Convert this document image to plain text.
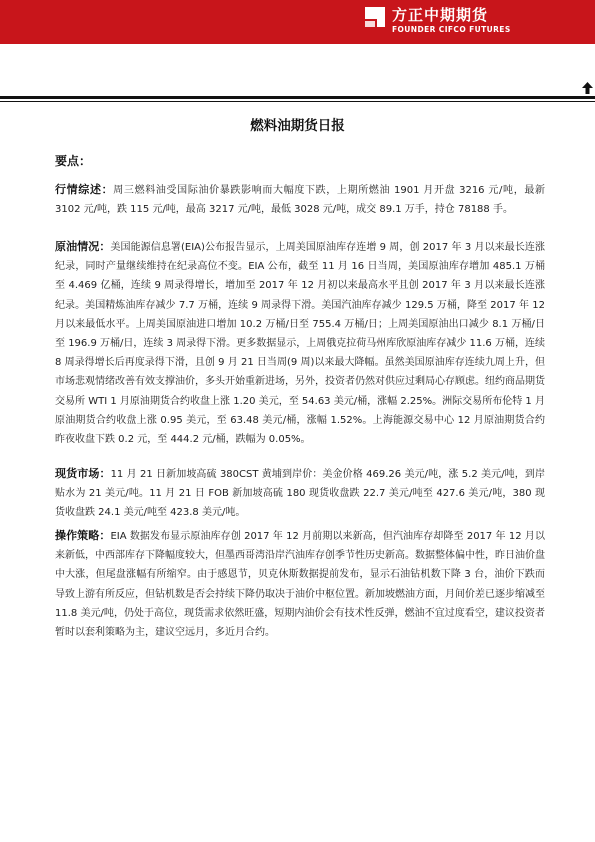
方正中期期货
FOUNDER CIFCO FUTURES
燃料油期货日报
要点：
行情综述：周三燃料油受国际油价暴跌影响而大幅度下跌，上期所燃油 1901 月开盘 3216 元/吨，最新 3102 元/吨，跌 115 元/吨，最高 3217 元/吨，最低 3028 元/吨，成交 89.1 万手，持仓 78188 手。
原油情况：美国能源信息署(EIA)公布报告显示，上周美国原油库存连增 9 周，创 2017 年 3 月以来最长连涨纪录，同时产量继续维持在纪录高位不变。EIA 公布，截至 11 月 16 日当周，美国原油库存增加 485.1 万桶至 4.469 亿桶，连续 9 周录得增长，增加至 2017 年 12 月初以来最高水平且创 2017 年 3 月以来最长连涨纪录。美国精炼油库存减少 7.7 万桶，连续 9 周录得下滑。美国汽油库存减少 129.5 万桶，降至 2017 年 12 月以来最低水平。上周美国原油进口增加 10.2 万桶/日至 755.4 万桶/日；上周美国原油出口减少 8.1 万桶/日至 196.9 万桶/日，连续 3 周录得下滑。更多数据显示，上周俄克拉荷马州库欣原油库存减少 11.6 万桶，连续 8 周录得增长后再度录得下滑，且创 9 月 21 日当周(9 周)以来最大降幅。虽然美国原油库存连续九周上升，但市场悲观情绪改善有效支撑油价，多头开始重新进场，另外，投资者仍然对供应过剩局心存顾虑。纽约商品期货交易所 WTI 1 月原油期货合约收盘上涨 1.20 美元，至 54.63 美元/桶，涨幅 2.25%。洲际交易所布伦特 1 月原油期货合约收盘上涨 0.95 美元，至 63.48 美元/桶，涨幅 1.52%。上海能源交易中心 12 月原油期货合约昨夜收盘下跌 0.2 元，至 444.2 元/桶，跌幅为 0.05%。
现货市场：11 月 21 日新加坡高硫 380CST 黄埔到岸价：美金价格 469.26 美元/吨，涨 5.2 美元/吨，到岸贴水为 21 美元/吨。11 月 21 日 FOB 新加坡高硫 180 现货收盘跌 22.7 美元/吨至 427.6 美元/吨，380 现货收盘跌 24.1 美元/吨至 423.8 美元/吨。
操作策略：EIA 数据发布显示原油库存创 2017 年 12 月前期以来新高，但汽油库存却降至 2017 年 12 月以来新低，中西部库存下降幅度较大，但墨西哥湾沿岸汽油库存创季节性历史新高。数据整体偏中性，昨日油价盘中大涨，但尾盘涨幅有所缩窄。由于感恩节，贝克休斯数据提前发布，显示石油钻机数下降 3 台，油价下跌而导致上游有所反应，但钻机数是否会持续下降仍取决于油价中枢位置。新加坡燃油方面，月间价差已逐步缩减至 11.8 美元/吨，仍处于高位，现货需求依然旺盛，短期内油价会有技术性反弹，燃油不宜过度看空，建议投资者暂时以套利策略为主，建议空远月，多近月合约。
